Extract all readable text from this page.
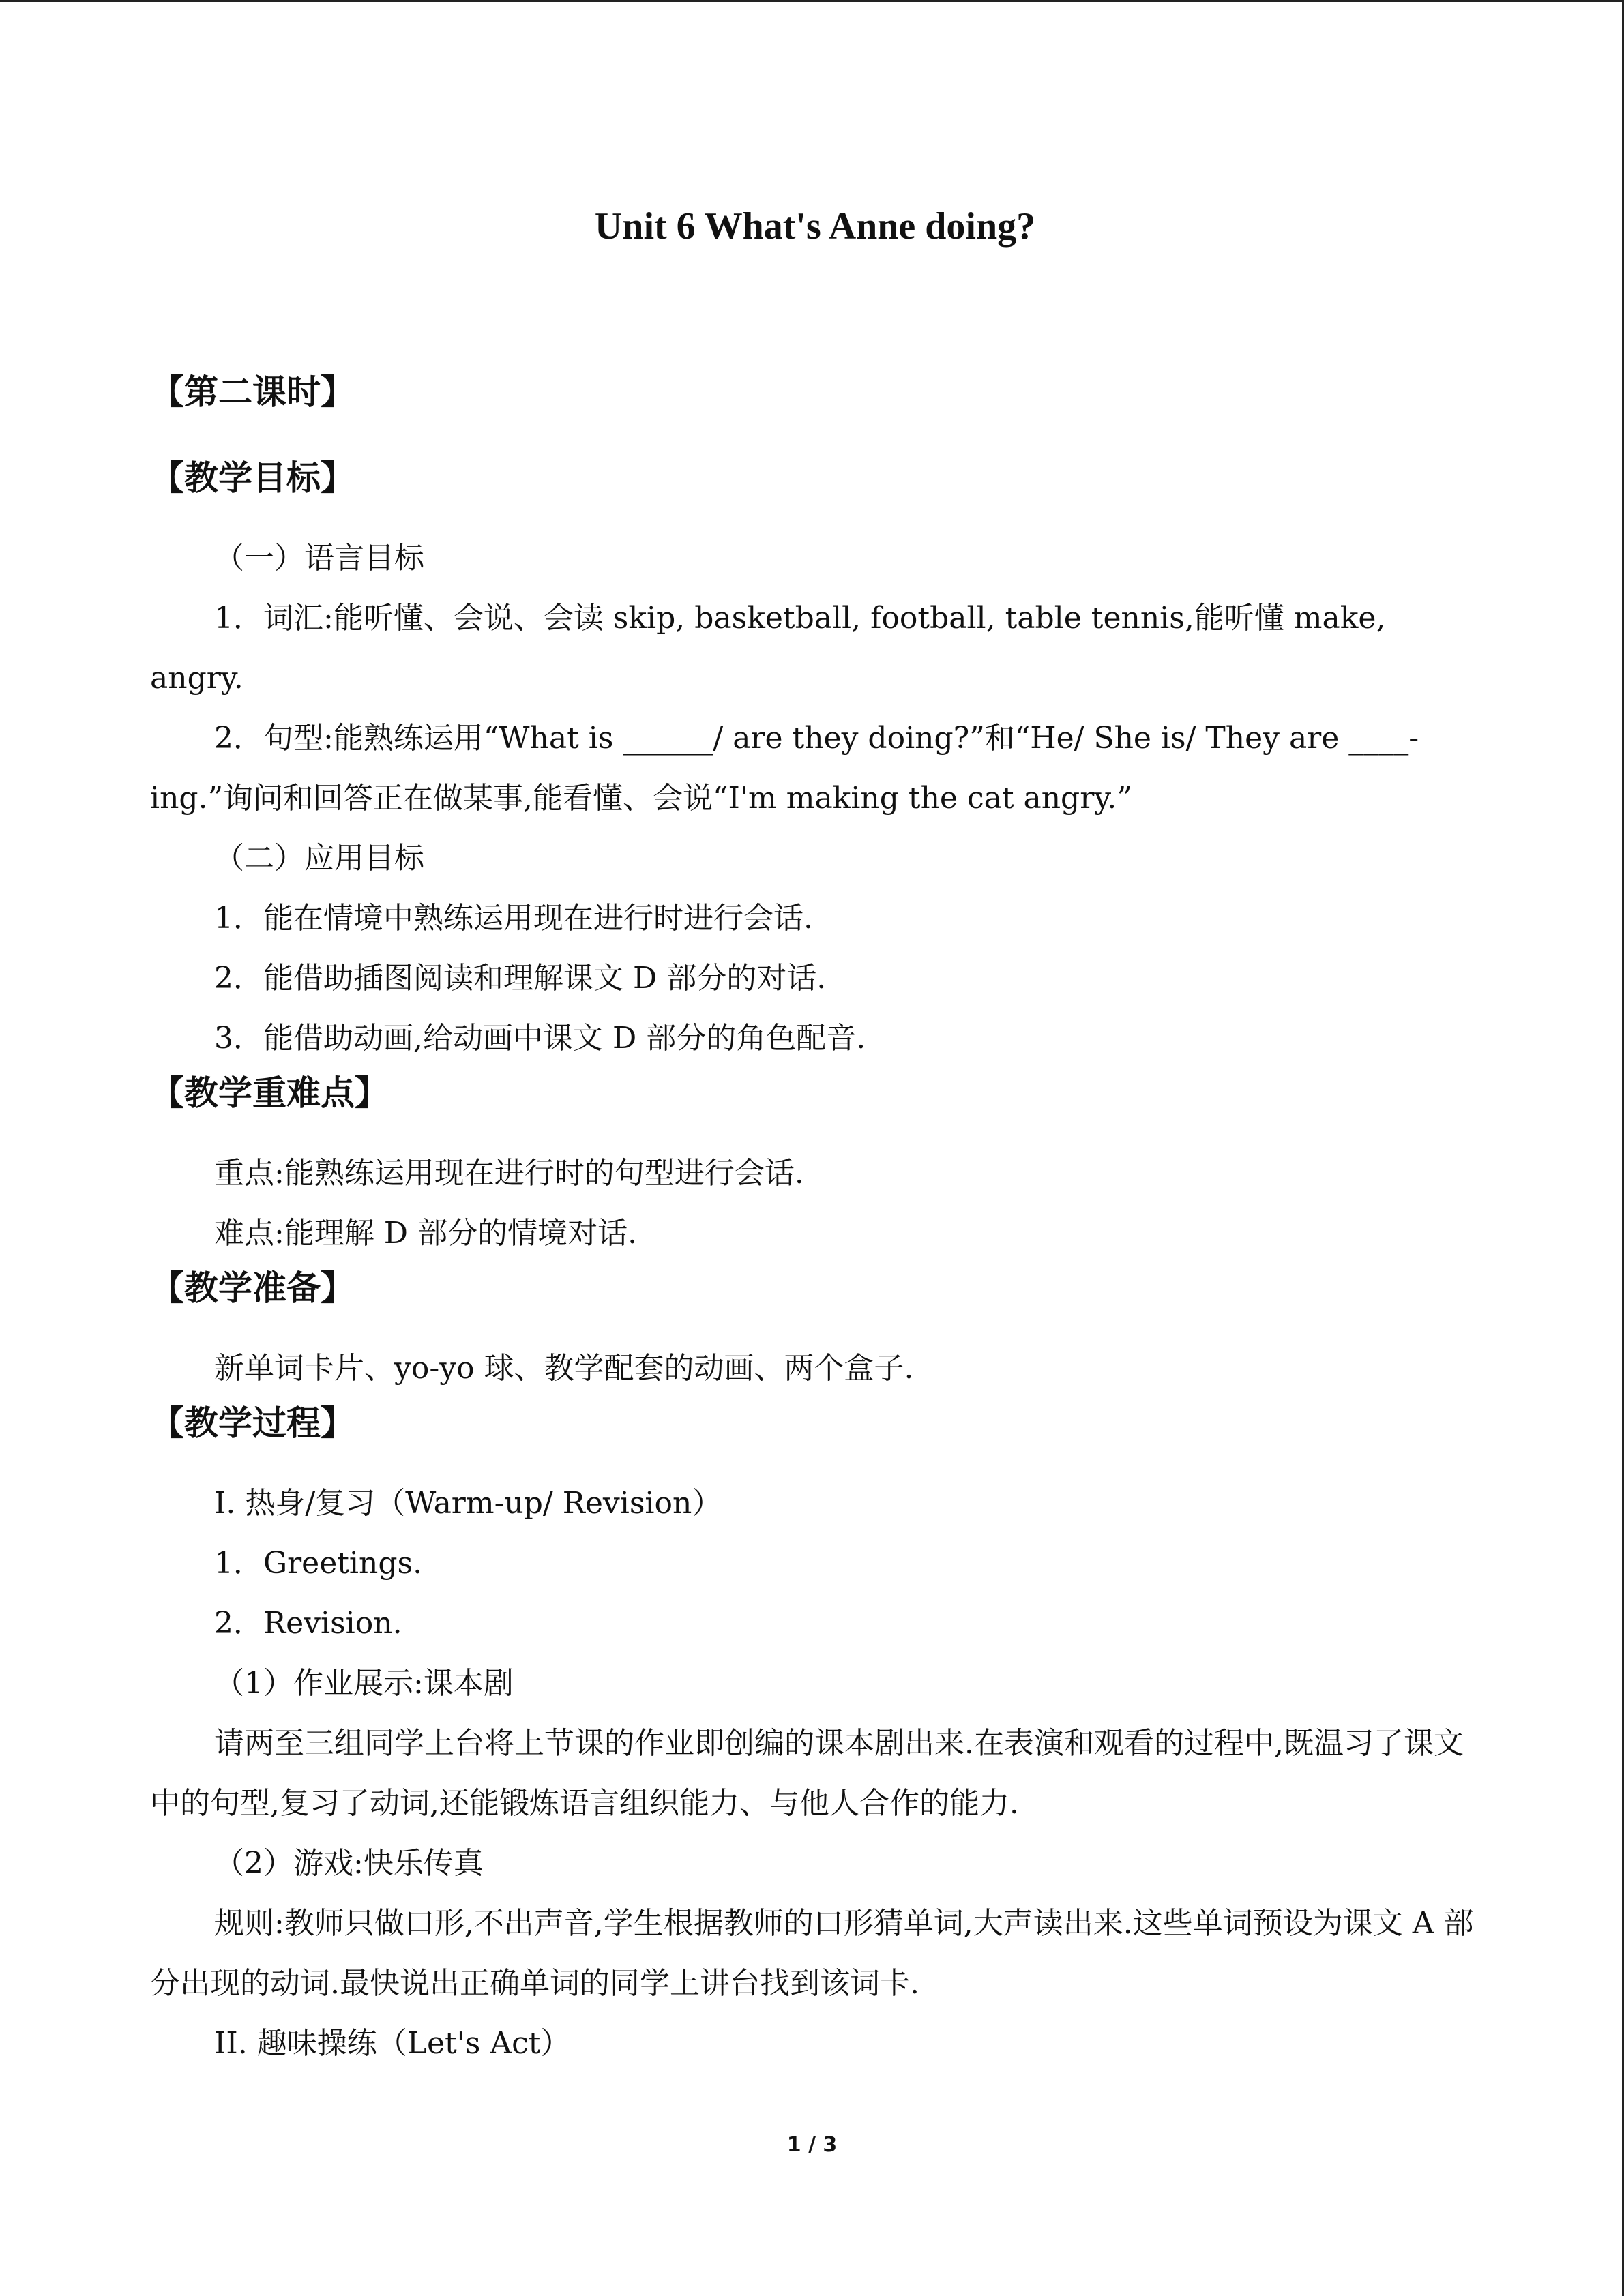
Unit 6 What's Anne doing?

【第二课时】

【教学目标】

（一）语言目标

1．词汇:能听懂、会说、会读 skip, basketball, football, table tennis,能听懂 make, angry.

2．句型:能熟练运用“What is ______/ are they doing?”和“He/ She is/ They are ____-ing.”询问和回答正在做某事,能看懂、会说“I'm making the cat angry.”

（二）应用目标

1．能在情境中熟练运用现在进行时进行会话.

2．能借助插图阅读和理解课文 D 部分的对话.

3．能借助动画,给动画中课文 D 部分的角色配音.

【教学重难点】

重点:能熟练运用现在进行时的句型进行会话.

难点:能理解 D 部分的情境对话.

【教学准备】

新单词卡片、yo-yo 球、教学配套的动画、两个盒子.

【教学过程】

I. 热身/复习（Warm-up/ Revision）

1．Greetings.

2．Revision.

（1）作业展示:课本剧

请两至三组同学上台将上节课的作业即创编的课本剧出来.在表演和观看的过程中,既温习了课文中的句型,复习了动词,还能锻炼语言组织能力、与他人合作的能力.

（2）游戏:快乐传真

规则:教师只做口形,不出声音,学生根据教师的口形猜单词,大声读出来.这些单词预设为课文 A 部分出现的动词.最快说出正确单词的同学上讲台找到该词卡.

II. 趣味操练（Let's Act）

1 / 3
